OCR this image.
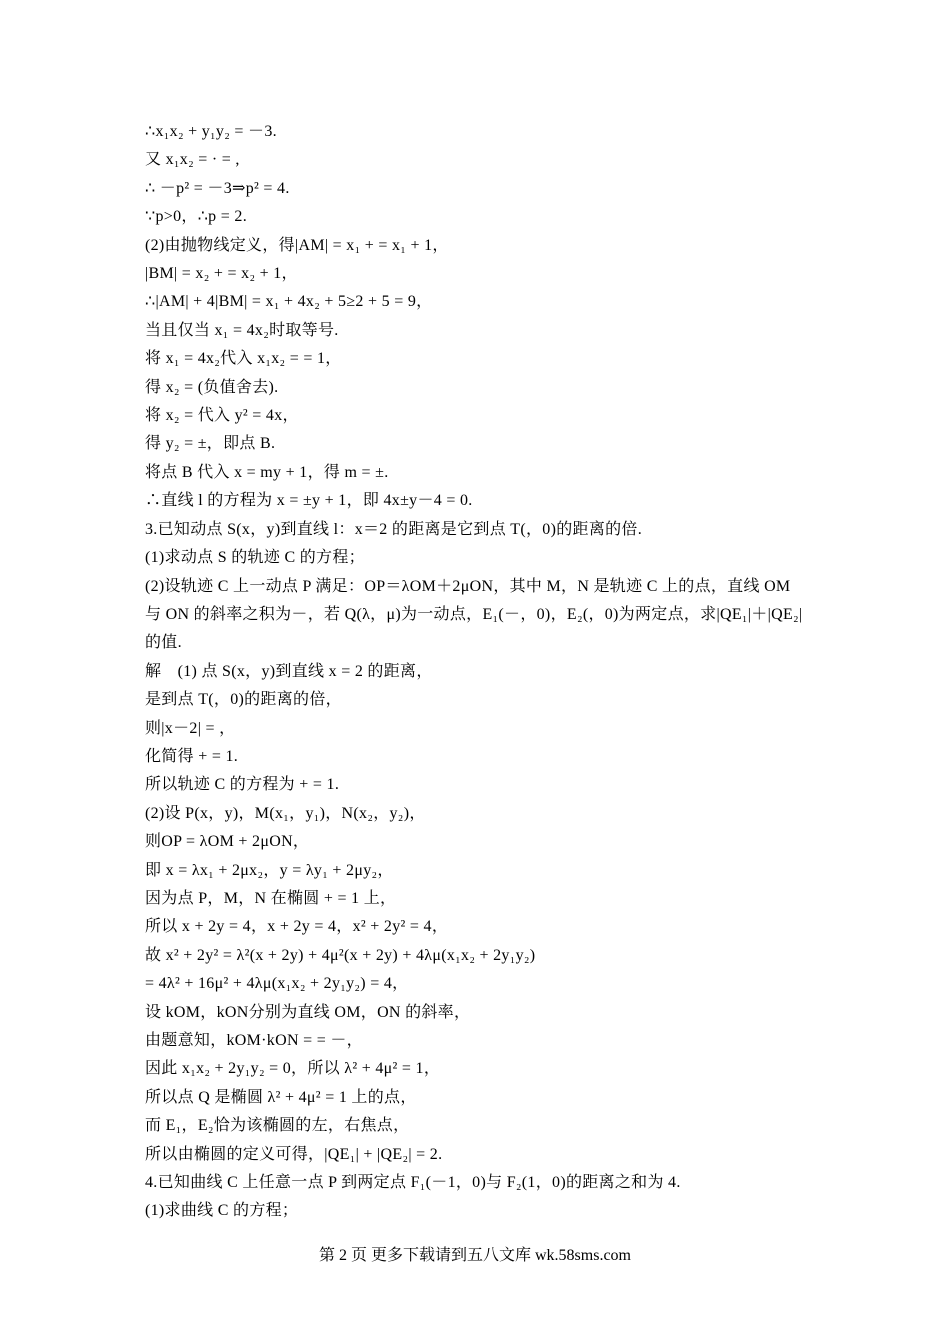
∴x₁x₂ + y₁y₂ = －3.
又 x₁x₂ = · = ,
∴ －p² = －3⇒p² = 4.
∵p>0，∴p = 2.
(2)由抛物线定义，得|AM| = x₁ + = x₁ + 1，
|BM| = x₂ + = x₂ + 1，
∴|AM| + 4|BM| = x₁ + 4x₂ + 5≥2 + 5 = 9，
当且仅当 x₁ = 4x₂时取等号.
将 x₁ = 4x₂代入 x₁x₂ = = 1，
得 x₂ = (负值舍去).
将 x₂ = 代入 y² = 4x，
得 y₂ = ±，即点 B.
将点 B 代入 x = my + 1，得 m = ±.
∴直线 l 的方程为 x = ±y + 1，即 4x±y－4 = 0.
3.已知动点 S(x，y)到直线 l：x＝2 的距离是它到点 T(，0)的距离的倍.
(1)求动点 S 的轨迹 C 的方程；
(2)设轨迹 C 上一动点 P 满足：OP＝λOM＋2μON，其中 M，N 是轨迹 C 上的点，直线 OM 与 ON 的斜率之积为－，若 Q(λ，μ)为一动点，E₁(－，0)，E₂(，0)为两定点，求|QE₁|＋|QE₂|的值.
解　(1) 点 S(x，y)到直线 x = 2 的距离，
是到点 T(，0)的距离的倍，
则|x－2| = ，
化简得 + = 1.
所以轨迹 C 的方程为 + = 1.
(2)设 P(x，y)，M(x₁，y₁)，N(x₂，y₂)，
则OP = λOM + 2μON，
即 x = λx₁ + 2μx₂，y = λy₁ + 2μy₂，
因为点 P，M，N 在椭圆 + = 1 上，
所以 x + 2y = 4，x + 2y = 4，x² + 2y² = 4，
故 x² + 2y² = λ²(x + 2y) + 4μ²(x + 2y) + 4λμ(x₁x₂ + 2y₁y₂)
= 4λ² + 16μ² + 4λμ(x₁x₂ + 2y₁y₂) = 4，
设 kOM，kON分别为直线 OM，ON 的斜率，
由题意知，kOM·kON = = －，
因此 x₁x₂ + 2y₁y₂ = 0，所以 λ² + 4μ² = 1，
所以点 Q 是椭圆 λ² + 4μ² = 1 上的点，
而 E₁，E₂恰为该椭圆的左，右焦点，
所以由椭圆的定义可得，|QE₁| + |QE₂| = 2.
4.已知曲线 C 上任意一点 P 到两定点 F₁(－1，0)与 F₂(1，0)的距离之和为 4.
(1)求曲线 C 的方程；
第 2 页 更多下载请到五八文库 wk.58sms.com
